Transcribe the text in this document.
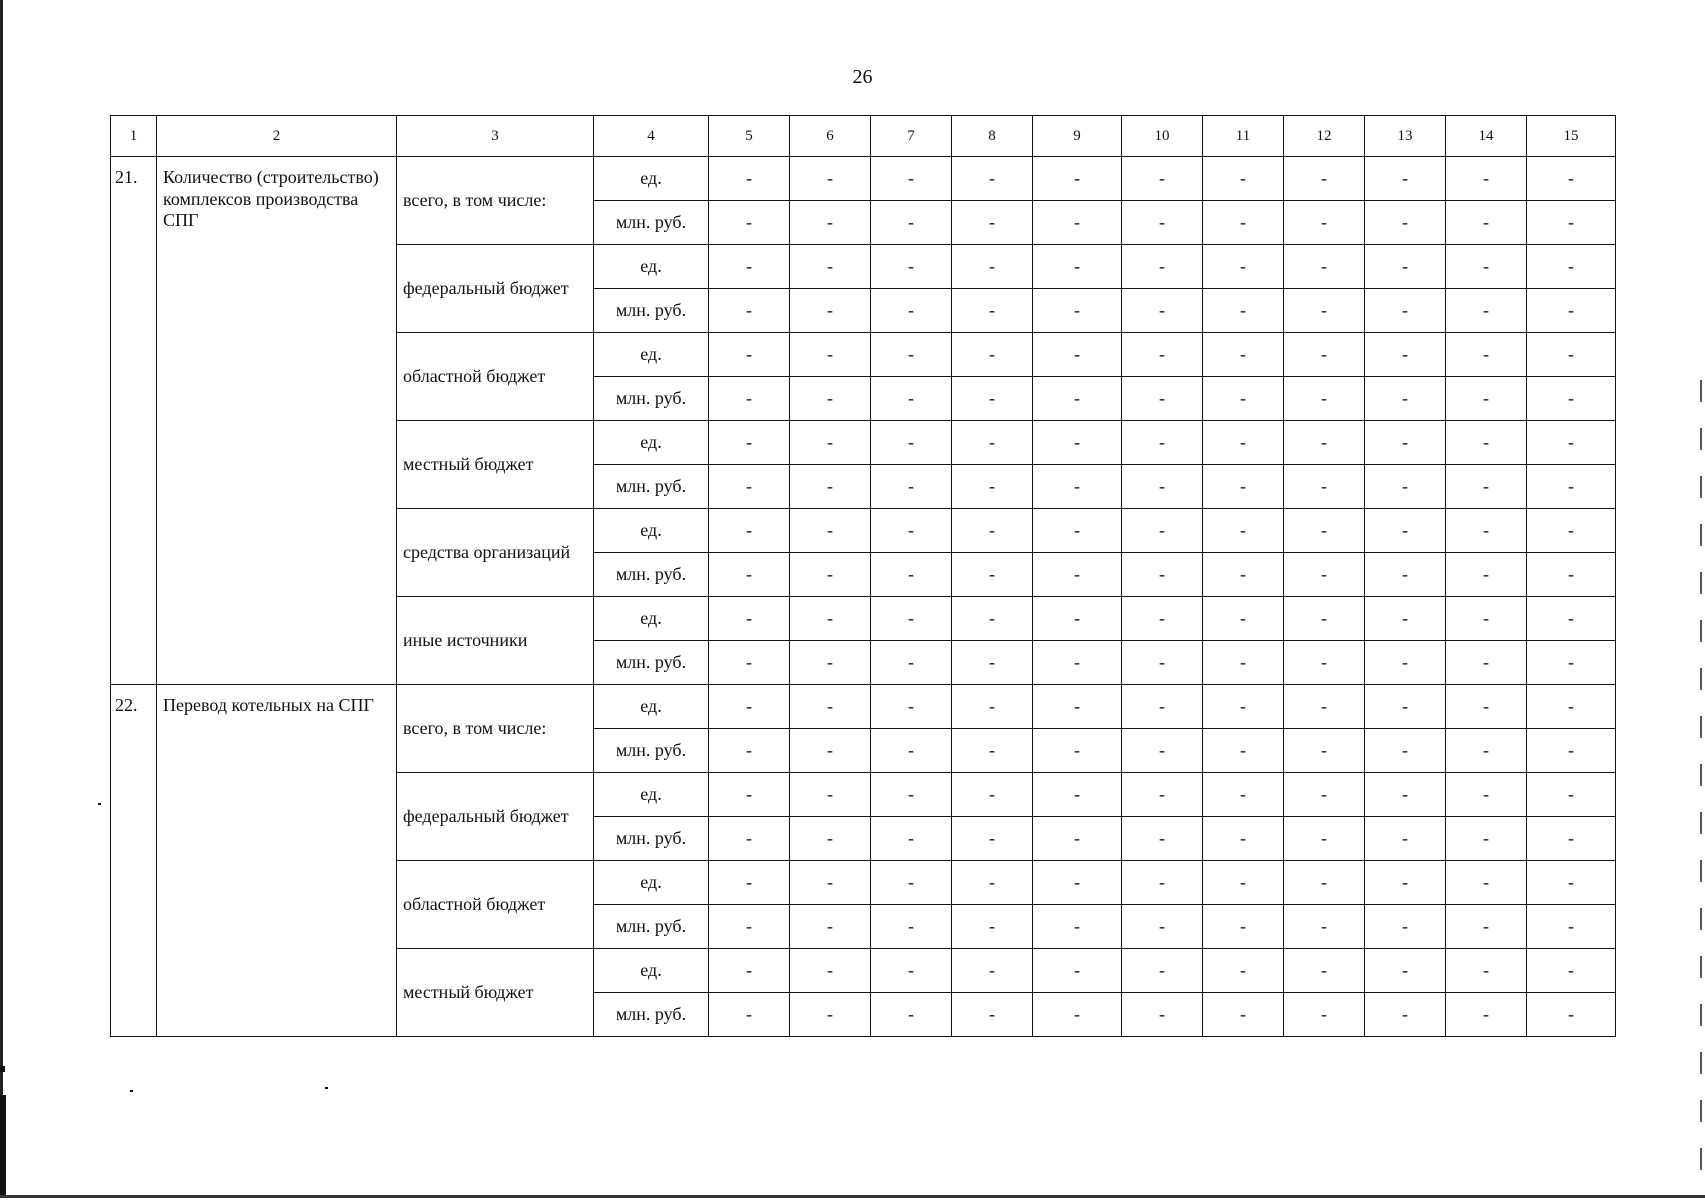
26
1	2	3	4	5	6	7	8	9	10	11	12	13	14	15
21.	Количество (строительство) комплексов производства СПГ	всего, в том числе:	ед.	-	-	-	-	-	-	-	-	-	-	-
			млн. руб.	-	-	-	-	-	-	-	-	-	-	-
		федеральный бюджет	ед.	-	-	-	-	-	-	-	-	-	-	-
			млн. руб.	-	-	-	-	-	-	-	-	-	-	-
		областной бюджет	ед.	-	-	-	-	-	-	-	-	-	-	-
			млн. руб.	-	-	-	-	-	-	-	-	-	-	-
		местный бюджет	ед.	-	-	-	-	-	-	-	-	-	-	-
			млн. руб.	-	-	-	-	-	-	-	-	-	-	-
		средства организаций	ед.	-	-	-	-	-	-	-	-	-	-	-
			млн. руб.	-	-	-	-	-	-	-	-	-	-	-
		иные источники	ед.	-	-	-	-	-	-	-	-	-	-	-
			млн. руб.	-	-	-	-	-	-	-	-	-	-	-
22.	Перевод котельных на СПГ	всего, в том числе:	ед.	-	-	-	-	-	-	-	-	-	-	-
			млн. руб.	-	-	-	-	-	-	-	-	-	-	-
		федеральный бюджет	ед.	-	-	-	-	-	-	-	-	-	-	-
			млн. руб.	-	-	-	-	-	-	-	-	-	-	-
		областной бюджет	ед.	-	-	-	-	-	-	-	-	-	-	-
			млн. руб.	-	-	-	-	-	-	-	-	-	-	-
		местный бюджет	ед.	-	-	-	-	-	-	-	-	-	-	-
			млн. руб.	-	-	-	-	-	-	-	-	-	-	-
